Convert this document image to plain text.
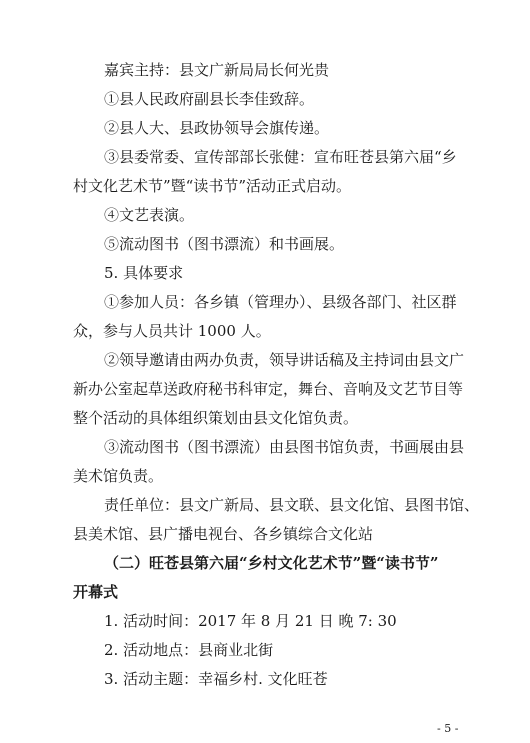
嘉宾主持：县文广新局局长何光贵
①县人民政府副县长李佳致辞。
②县人大、县政协领导会旗传递。
③县委常委、宣传部部长张健：宣布旺苍县第六届“乡
村文化艺术节”暨“读书节”活动正式启动。
④文艺表演。
⑤流动图书（图书漂流）和书画展。
5. 具体要求
①参加人员：各乡镇（管理办）、县级各部门、社区群
众，参与人员共计 1000 人。
②领导邀请由两办负责，领导讲话稿及主持词由县文广
新办公室起草送政府秘书科审定，舞台、音响及文艺节目等
整个活动的具体组织策划由县文化馆负责。
③流动图书（图书漂流）由县图书馆负责，书画展由县
美术馆负责。
责任单位：县文广新局、县文联、县文化馆、县图书馆、
县美术馆、县广播电视台、各乡镇综合文化站
（二）旺苍县第六届“乡村文化艺术节”暨“读书节”
开幕式
1. 活动时间：2017 年 8 月 21 日 晚 7: 30
2. 活动地点：县商业北街
3. 活动主题：幸福乡村. 文化旺苍
- 5 -
